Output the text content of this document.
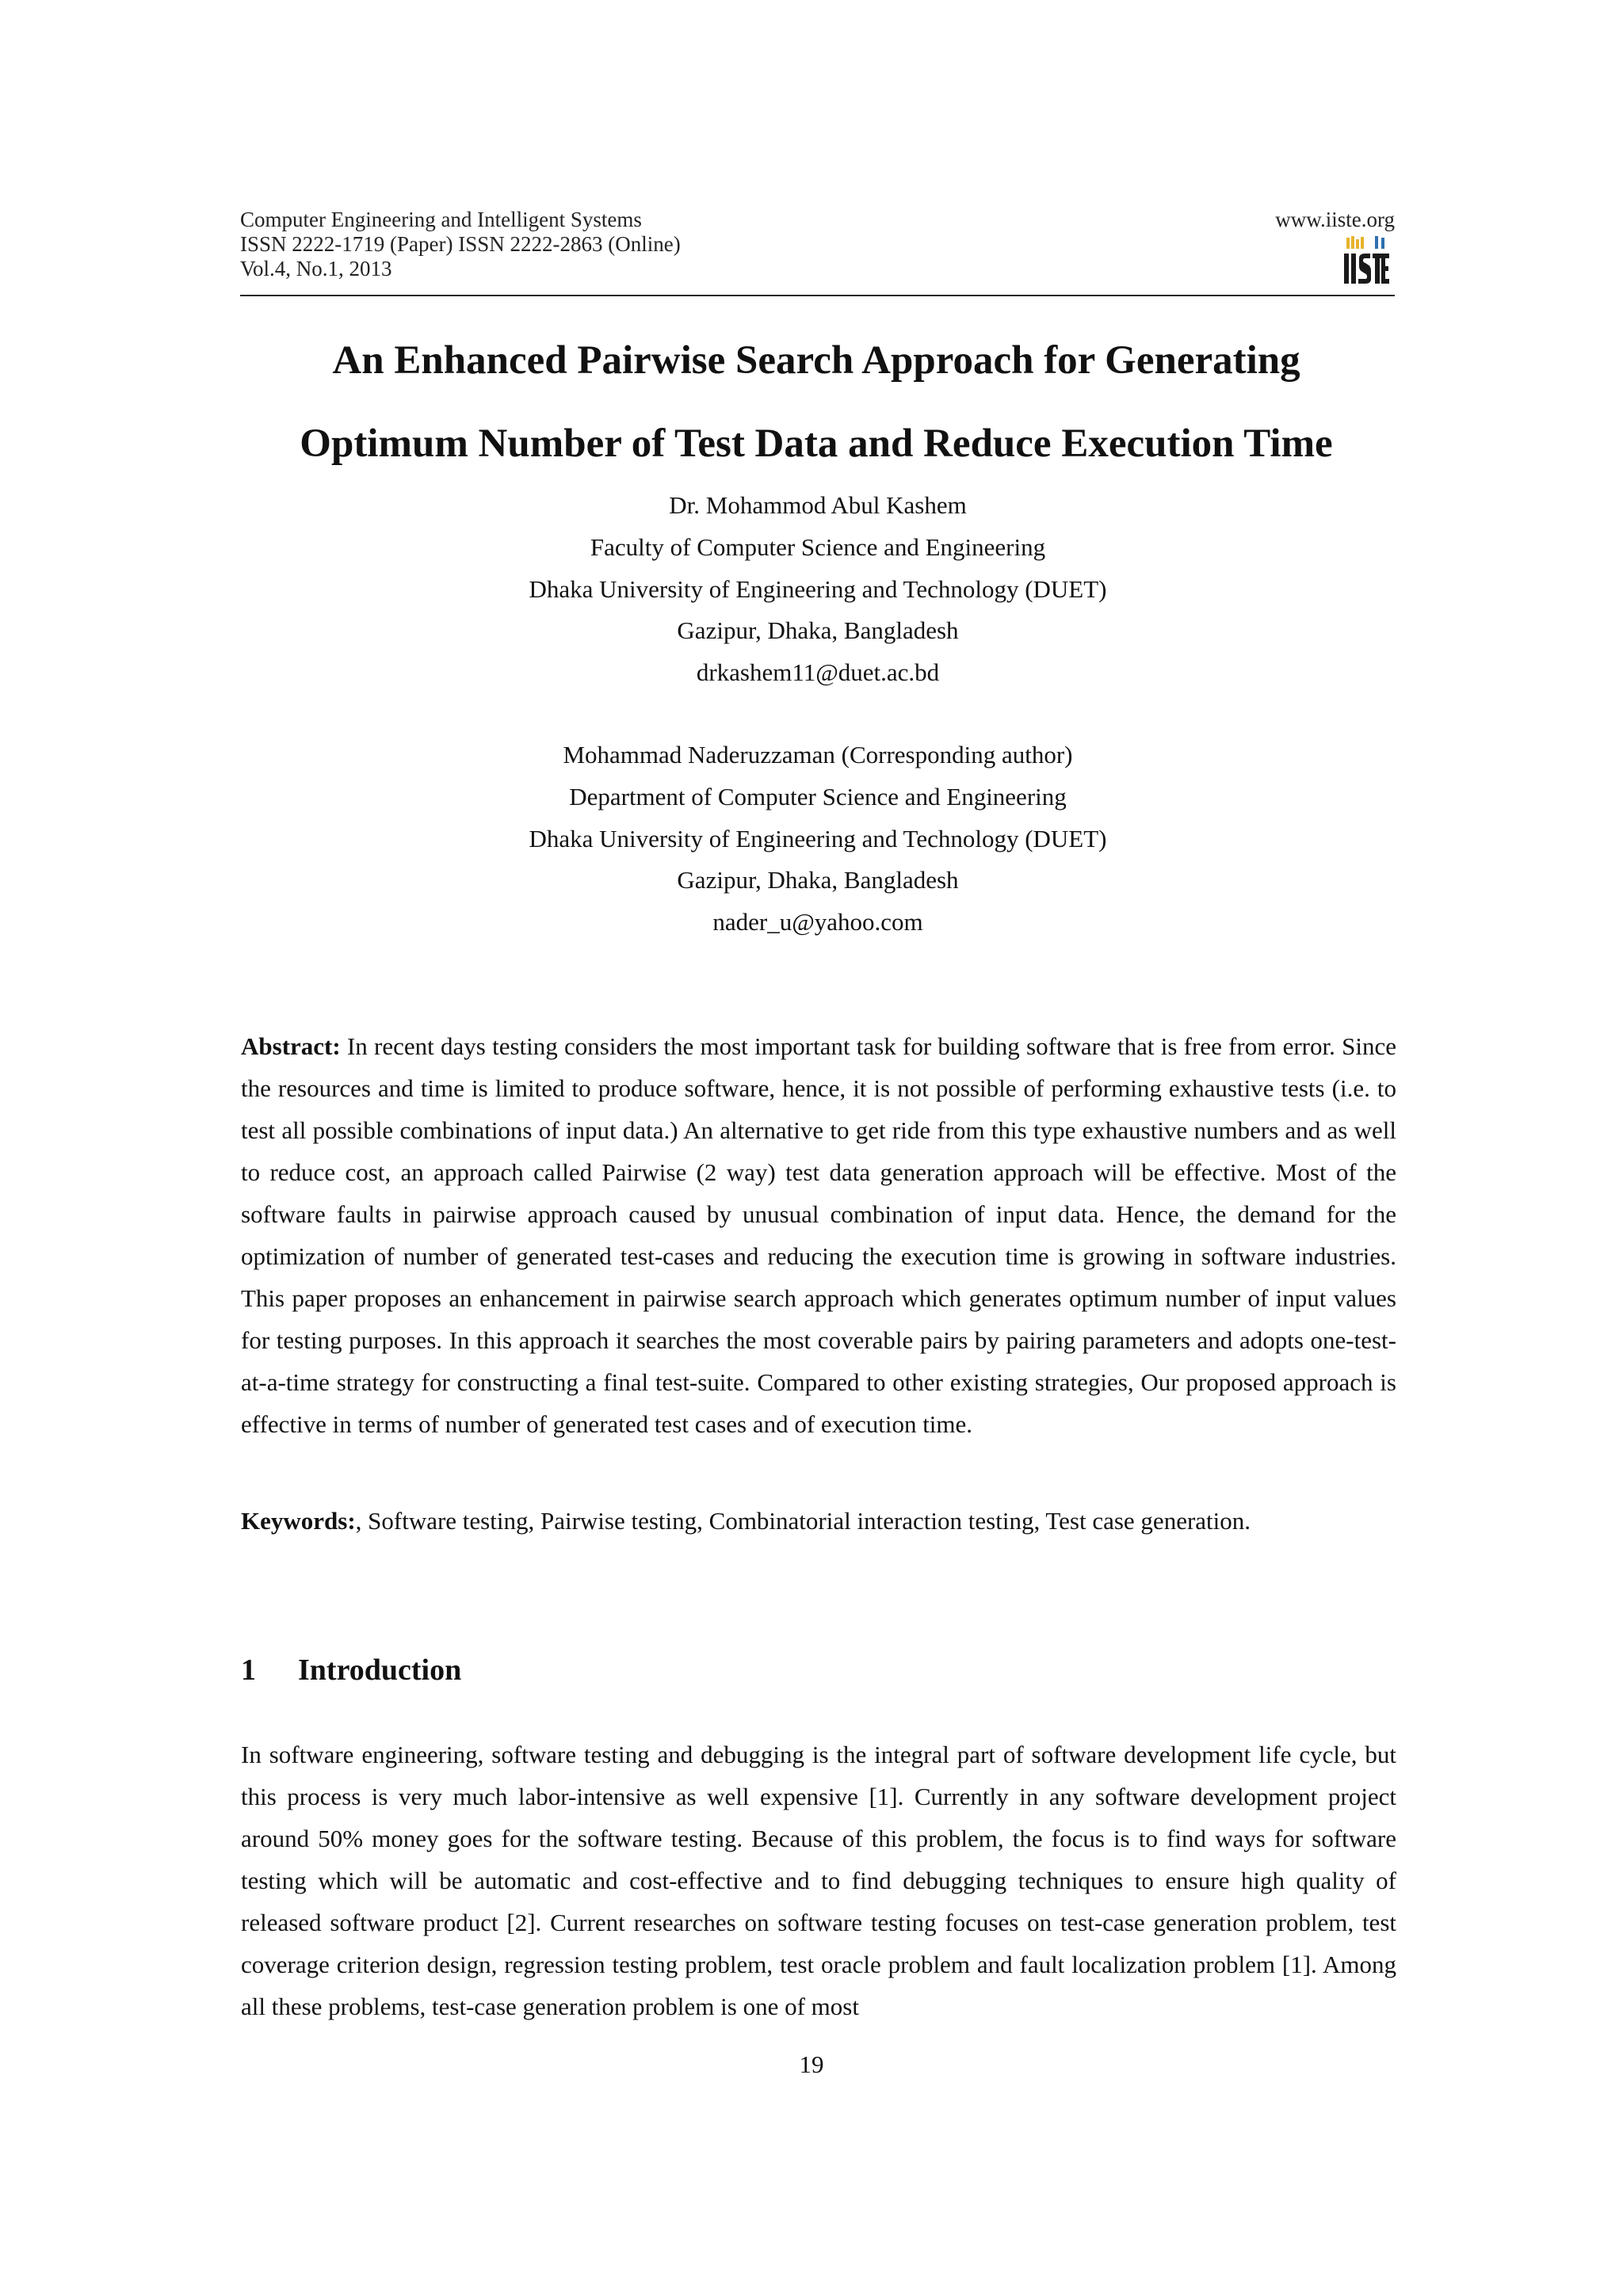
Computer Engineering and Intelligent Systems
ISSN 2222-1719 (Paper) ISSN 2222-2863 (Online)
Vol.4, No.1, 2013
www.iiste.org
An Enhanced Pairwise Search Approach for Generating
Optimum Number of Test Data and Reduce Execution Time
Dr. Mohammod Abul Kashem
Faculty of Computer Science and Engineering
Dhaka University of Engineering and Technology (DUET)
Gazipur, Dhaka, Bangladesh
drkashem11@duet.ac.bd
Mohammad Naderuzzaman (Corresponding author)
Department of Computer Science and Engineering
Dhaka University of Engineering and Technology (DUET)
Gazipur, Dhaka, Bangladesh
nader_u@yahoo.com
Abstract: In recent days testing considers the most important task for building software that is free from error. Since the resources and time is limited to produce software, hence, it is not possible of performing exhaustive tests (i.e. to test all possible combinations of input data.) An alternative to get ride from this type exhaustive numbers and as well to reduce cost, an approach called Pairwise (2 way) test data generation approach will be effective. Most of the software faults in pairwise approach caused by unusual combination of input data. Hence, the demand for the optimization of number of generated test-cases and reducing the execution time is growing in software industries. This paper proposes an enhancement in pairwise search approach which generates optimum number of input values for testing purposes. In this approach it searches the most coverable pairs by pairing parameters and adopts one-test-at-a-time strategy for constructing a final test-suite. Compared to other existing strategies, Our proposed approach is effective in terms of number of generated test cases and of execution time.
Keywords:, Software testing, Pairwise testing, Combinatorial interaction testing, Test case generation.
1 Introduction
In software engineering, software testing and debugging is the integral part of software development life cycle, but this process is very much labor-intensive as well expensive [1]. Currently in any software development project around 50% money goes for the software testing. Because of this problem, the focus is to find ways for software testing which will be automatic and cost-effective and to find debugging techniques to ensure high quality of released software product [2]. Current researches on software testing focuses on test-case generation problem, test coverage criterion design, regression testing problem, test oracle problem and fault localization problem [1]. Among all these problems, test-case generation problem is one of most
19
